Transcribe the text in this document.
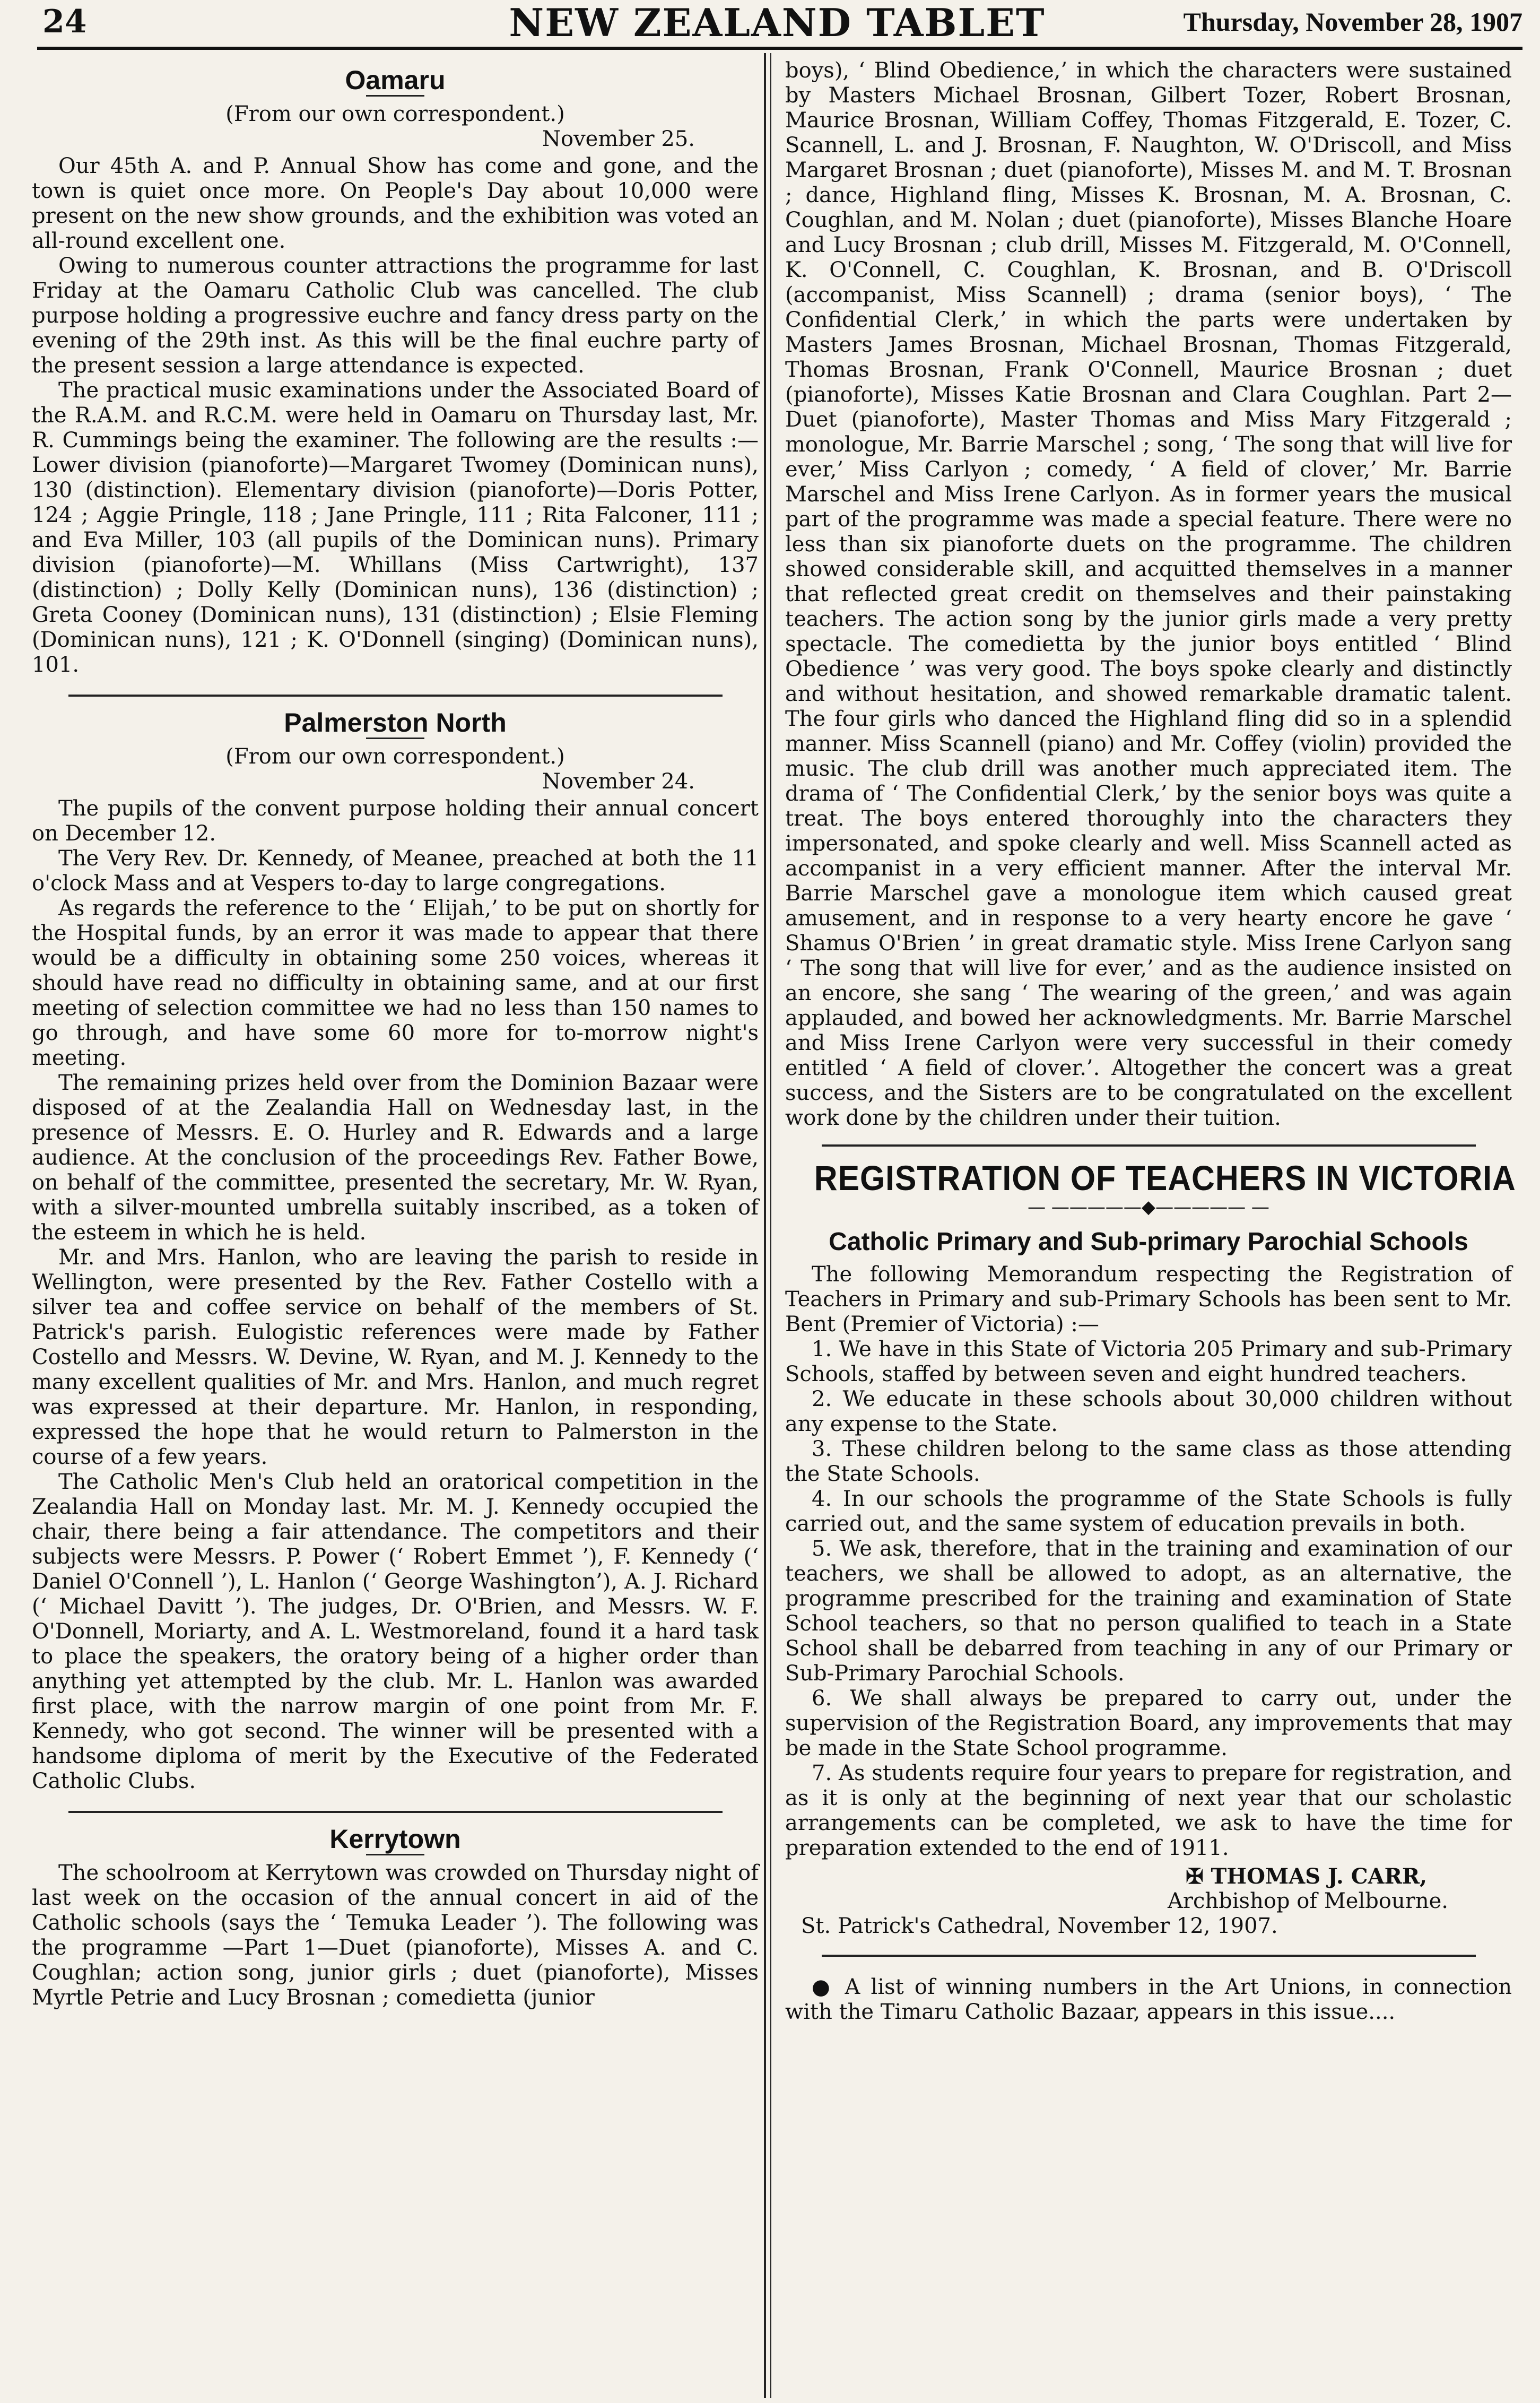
24	NEW ZEALAND TABLET	Thursday, November 28, 1907
Oamaru
(From our own correspondent.)
November 25.

Our 45th A. and P. Annual Show has come and gone, and the town is quiet once more. On People's Day about 10,000 were present on the new show grounds, and the exhibition was voted an all-round excellent one.

Owing to numerous counter attractions the programme for last Friday at the Oamaru Catholic Club was cancelled. The club purpose holding a progressive euchre and fancy dress party on the evening of the 29th inst. As this will be the final euchre party of the present session a large attendance is expected.

The practical music examinations under the Associated Board of the R.A.M. and R.C.M. were held in Oamaru on Thursday last, Mr. R. Cummings being the examiner. The following are the results :—Lower division (pianoforte)—Margaret Twomey (Dominican nuns), 130 (distinction). Elementary division (pianoforte)—Doris Potter, 124 ; Aggie Pringle, 118 ; Jane Pringle, 111 ; Rita Falconer, 111 ; and Eva Miller, 103 (all pupils of the Dominican nuns). Primary division (pianoforte)—M. Whillans (Miss Cartwright), 137 (distinction) ; Dolly Kelly (Dominican nuns), 136 (distinction) ; Greta Cooney (Dominican nuns), 131 (distinction) ; Elsie Fleming (Dominican nuns), 121 ; K. O'Donnell (singing) (Dominican nuns), 101.

Palmerston North
(From our own correspondent.)
November 24.

The pupils of the convent purpose holding their annual concert on December 12.

The Very Rev. Dr. Kennedy, of Meanee, preached at both the 11 o'clock Mass and at Vespers to-day to large congregations.

As regards the reference to the ‘ Elijah,’ to be put on shortly for the Hospital funds, by an error it was made to appear that there would be a difficulty in obtaining some 250 voices, whereas it should have read no difficulty in obtaining same, and at our first meeting of selection committee we had no less than 150 names to go through, and have some 60 more for to-morrow night's meeting.

The remaining prizes held over from the Dominion Bazaar were disposed of at the Zealandia Hall on Wednesday last, in the presence of Messrs. E. O. Hurley and R. Edwards and a large audience. At the conclusion of the proceedings Rev. Father Bowe, on behalf of the committee, presented the secretary, Mr. W. Ryan, with a silver-mounted umbrella suitably inscribed, as a token of the esteem in which he is held.

Mr. and Mrs. Hanlon, who are leaving the parish to reside in Wellington, were presented by the Rev. Father Costello with a silver tea and coffee service on behalf of the members of St. Patrick's parish. Eulogistic references were made by Father Costello and Messrs. W. Devine, W. Ryan, and M. J. Kennedy to the many excellent qualities of Mr. and Mrs. Hanlon, and much regret was expressed at their departure. Mr. Hanlon, in responding, expressed the hope that he would return to Palmerston in the course of a few years.

The Catholic Men's Club held an oratorical competition in the Zealandia Hall on Monday last. Mr. M. J. Kennedy occupied the chair, there being a fair attendance. The competitors and their subjects were Messrs. P. Power (‘ Robert Emmet ’), F. Kennedy (‘ Daniel O'Connell ’), L. Hanlon (‘ George Washington’), A. J. Richard (‘ Michael Davitt ’). The judges, Dr. O'Brien, and Messrs. W. F. O'Donnell, Moriarty, and A. L. Westmoreland, found it a hard task to place the speakers, the oratory being of a higher order than anything yet attempted by the club. Mr. L. Hanlon was awarded first place, with the narrow margin of one point from Mr. F. Kennedy, who got second. The winner will be presented with a handsome diploma of merit by the Executive of the Federated Catholic Clubs.

Kerrytown

The schoolroom at Kerrytown was crowded on Thursday night of last week on the occasion of the annual concert in aid of the Catholic schools (says the ‘ Temuka Leader ’). The following was the programme —Part 1—Duet (pianoforte), Misses A. and C. Coughlan; action song, junior girls ; duet (pianoforte), Misses Myrtle Petrie and Lucy Brosnan ; comedietta (junior

boys), ‘ Blind Obedience,’ in which the characters were sustained by Masters Michael Brosnan, Gilbert Tozer, Robert Brosnan, Maurice Brosnan, William Coffey, Thomas Fitzgerald, E. Tozer, C. Scannell, L. and J. Brosnan, F. Naughton, W. O'Driscoll, and Miss Margaret Brosnan ; duet (pianoforte), Misses M. and M. T. Brosnan ; dance, Highland fling, Misses K. Brosnan, M. A. Brosnan, C. Coughlan, and M. Nolan ; duet (pianoforte), Misses Blanche Hoare and Lucy Brosnan ; club drill, Misses M. Fitzgerald, M. O'Connell, K. O'Connell, C. Coughlan, K. Brosnan, and B. O'Driscoll (accompanist, Miss Scannell) ; drama (senior boys), ‘ The Confidential Clerk,’ in which the parts were undertaken by Masters James Brosnan, Michael Brosnan, Thomas Fitzgerald, Thomas Brosnan, Frank O'Connell, Maurice Brosnan ; duet (pianoforte), Misses Katie Brosnan and Clara Coughlan. Part 2—Duet (pianoforte), Master Thomas and Miss Mary Fitzgerald ; monologue, Mr. Barrie Marschel ; song, ‘ The song that will live for ever,’ Miss Carlyon ; comedy, ‘ A field of clover,’ Mr. Barrie Marschel and Miss Irene Carlyon. As in former years the musical part of the programme was made a special feature. There were no less than six pianoforte duets on the programme. The children showed considerable skill, and acquitted themselves in a manner that reflected great credit on themselves and their painstaking teachers. The action song by the junior girls made a very pretty spectacle. The comedietta by the junior boys entitled ‘ Blind Obedience ’ was very good. The boys spoke clearly and distinctly and without hesitation, and showed remarkable dramatic talent. The four girls who danced the Highland fling did so in a splendid manner. Miss Scannell (piano) and Mr. Coffey (violin) provided the music. The club drill was another much appreciated item. The drama of ‘ The Confidential Clerk,’ by the senior boys was quite a treat. The boys entered thoroughly into the characters they impersonated, and spoke clearly and well. Miss Scannell acted as accompanist in a very efficient manner. After the interval Mr. Barrie Marschel gave a monologue item which caused great amusement, and in response to a very hearty encore he gave ‘ Shamus O'Brien ’ in great dramatic style. Miss Irene Carlyon sang ‘ The song that will live for ever,’ and as the audience insisted on an encore, she sang ‘ The wearing of the green,’ and was again applauded, and bowed her acknowledgments. Mr. Barrie Marschel and Miss Irene Carlyon were very successful in their comedy entitled ‘ A field of clover.’. Altogether the concert was a great success, and the Sisters are to be congratulated on the excellent work done by the children under their tuition.

REGISTRATION OF TEACHERS IN VICTORIA
— —————◆————— —
Catholic Primary and Sub-primary Parochial Schools

The following Memorandum respecting the Registration of Teachers in Primary and sub-Primary Schools has been sent to Mr. Bent (Premier of Victoria) :—

1. We have in this State of Victoria 205 Primary and sub-Primary Schools, staffed by between seven and eight hundred teachers.

2. We educate in these schools about 30,000 children without any expense to the State.

3. These children belong to the same class as those attending the State Schools.

4. In our schools the programme of the State Schools is fully carried out, and the same system of education prevails in both.

5. We ask, therefore, that in the training and examination of our teachers, we shall be allowed to adopt, as an alternative, the programme prescribed for the training and examination of State School teachers, so that no person qualified to teach in a State School shall be debarred from teaching in any of our Primary or Sub-Primary Parochial Schools.

6. We shall always be prepared to carry out, under the supervision of the Registration Board, any improvements that may be made in the State School programme.

7. As students require four years to prepare for registration, and as it is only at the beginning of next year that our scholastic arrangements can be completed, we ask to have the time for preparation extended to the end of 1911.

✠ THOMAS J. CARR,
Archbishop of Melbourne.
St. Patrick's Cathedral, November 12, 1907.

● A list of winning numbers in the Art Unions, in connection with the Timaru Catholic Bazaar, appears in this issue....
